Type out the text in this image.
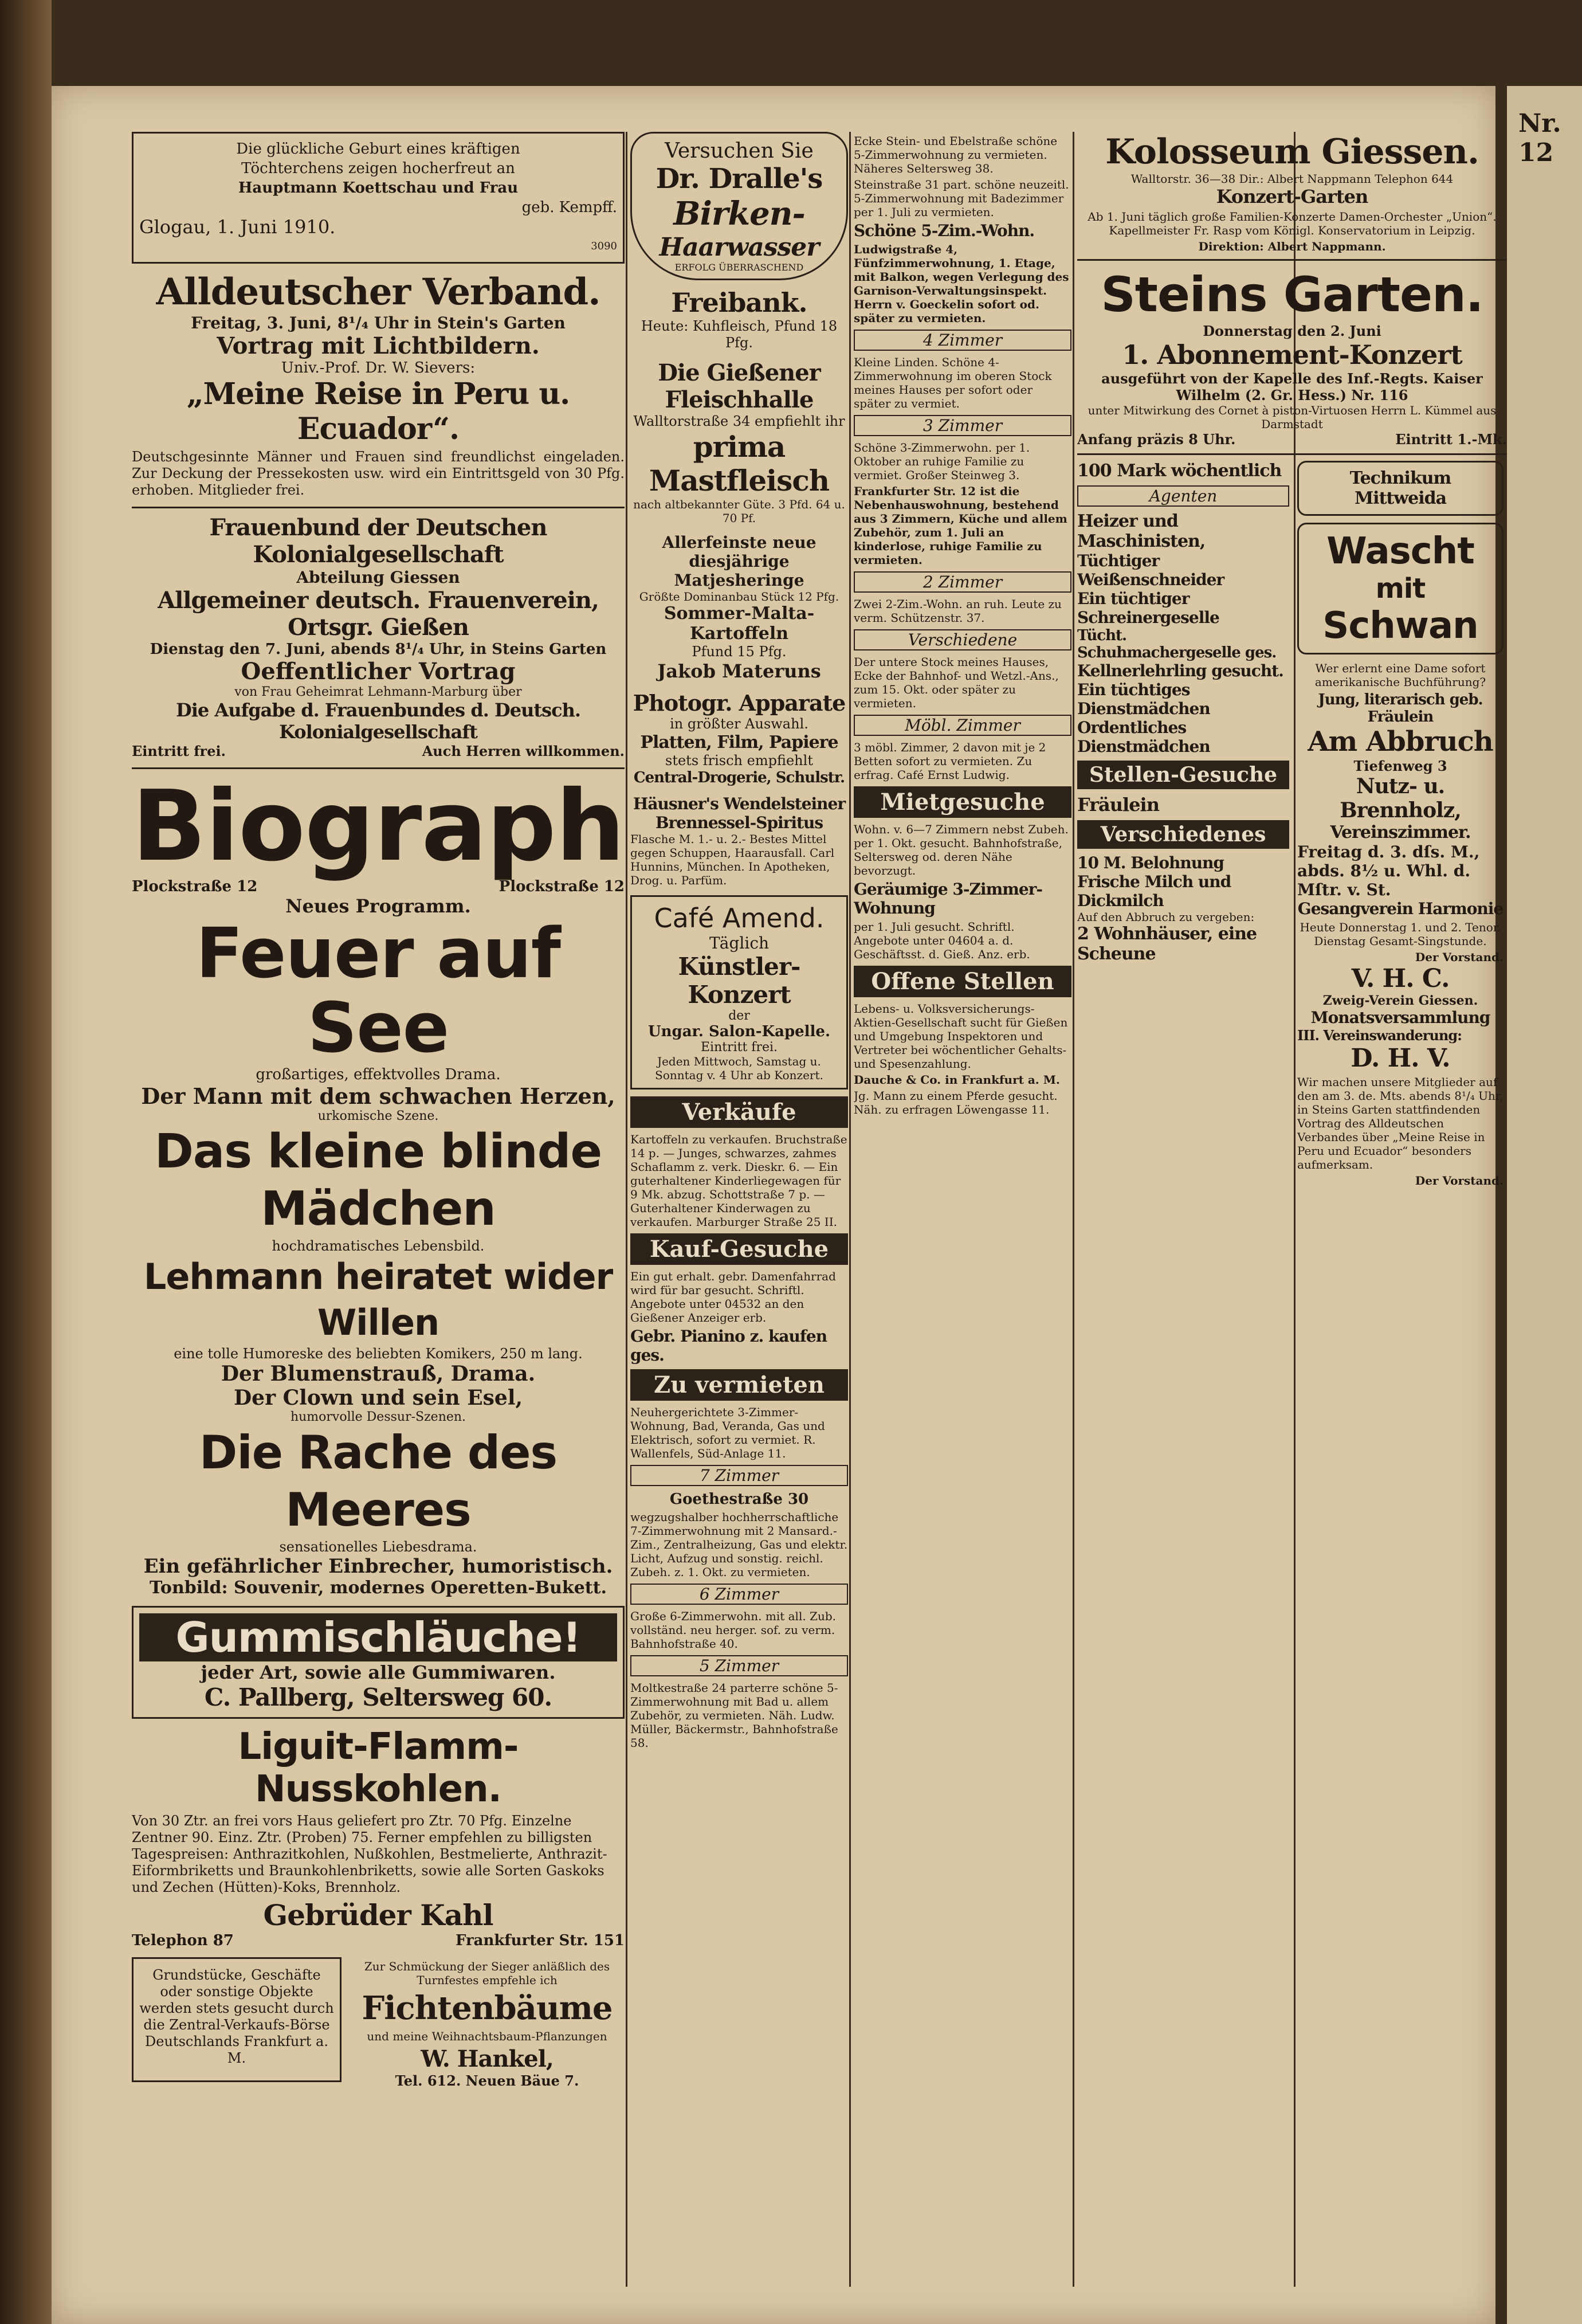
Nr. 12
Die glückliche Geburt eines kräftigen
Töchterchens zeigen hocherfreut an
Hauptmann Koettschau und Frau
geb. Kempff.
Glogau, 1. Juni 1910.
3090
Alldeutscher Verband.
Freitag, 3. Juni, 8¹/₄ Uhr in Stein's Garten
Vortrag mit Lichtbildern.
Univ.-Prof. Dr. W. Sievers:
„Meine Reise in Peru u. Ecuador“.

Deutschgesinnte Männer und Frauen sind freundlichst eingeladen. Zur Deckung der Pressekosten usw. wird ein Eintrittsgeld von 30 Pfg. erhoben. Mitglieder frei.

Frauenbund der Deutschen Kolonialgesellschaft
Abteilung Giessen
Allgemeiner deutsch. Frauenverein, Ortsgr. Gießen
Dienstag den 7. Juni, abends 8¹/₄ Uhr, in Steins Garten
Oeffentlicher Vortrag
von Frau Geheimrat Lehmann-Marburg über
Die Aufgabe d. Frauenbundes d. Deutsch. Kolonialgesellschaft
Eintritt frei.	Auch Herren willkommen.
Biograph
Plockstraße 12	Plockstraße 12
Neues Programm.
Feuer auf See
großartiges, effektvolles Drama.
Der Mann mit dem schwachen Herzen,
urkomische Szene.
Das kleine blinde Mädchen
hochdramatisches Lebensbild.
Lehmann heiratet wider Willen
eine tolle Humoreske des beliebten Komikers, 250 m lang.
Der Blumenstrauß, Drama.
Der Clown und sein Esel,
humorvolle Dessur-Szenen.
Die Rache des Meeres
sensationelles Liebesdrama.
Ein gefährlicher Einbrecher, humoristisch.
Tonbild: Souvenir, modernes Operetten-Bukett.
Gummischläuche!
jeder Art, sowie alle Gummiwaren.
C. Pallberg, Seltersweg 60.
Liguit-Flamm-Nusskohlen.

Von 30 Ztr. an frei vors Haus geliefert pro Ztr. 70 Pfg. Einzelne Zentner 90. Einz. Ztr. (Proben) 75. Ferner empfehlen zu billigsten Tagespreisen: Anthrazitkohlen, Nußkohlen, Bestmelierte, Anthrazit-Eiformbriketts und Braunkohlenbriketts, sowie alle Sorten Gaskoks und Zechen (Hütten)-Koks, Brennholz.

Gebrüder Kahl
Telephon 87	Frankfurter Str. 151

Grundstücke, Geschäfte oder sonstige Objekte werden stets gesucht durch die Zentral-Verkaufs-Börse Deutschlands Frankfurt a. M.

Zur Schmückung der Sieger anläßlich des Turnfestes empfehle ich

Fichtenbäume

und meine Weihnachtsbaum-Pflanzungen

W. Hankel,
Tel. 612. Neuen Bäue 7.
Versuchen Sie
Dr. Dralle's
Birken-
Haarwasser
ERFOLG ÜBERRASCHEND
Freibank.
Heute: Kuhfleisch, Pfund 18 Pfg.
Die Gießener Fleischhalle
Walltorstraße 34 empfiehlt ihr
prima Mastfleisch
nach altbekannter Güte. 3 Pfd. 64 u. 70 Pf.
Allerfeinste neue diesjährige Matjesheringe
Größte Dominanbau Stück 12 Pfg.
Sommer-Malta-Kartoffeln
Pfund 15 Pfg.
Jakob Materuns
Photogr. Apparate
in größter Auswahl.
Platten, Film, Papiere
stets frisch empfiehlt
Central-Drogerie, Schulstr.
Häusner's Wendelsteiner Brennessel-Spiritus
Flasche M. 1.- u. 2.- Bestes Mittel gegen Schuppen, Haarausfall. Carl Hunnins, München. In Apotheken, Drog. u. Parfüm.
Café Amend.
Täglich
Künstler-Konzert
der
Ungar. Salon-Kapelle.
Eintritt frei.
Jeden Mittwoch, Samstag u. Sonntag v. 4 Uhr ab Konzert.
Verkäufe

Kartoffeln zu verkaufen. Bruchstraße 14 p. — Junges, schwarzes, zahmes Schaflamm z. verk. Dieskr. 6. — Ein guterhaltener Kinderliegewagen für 9 Mk. abzug. Schottstraße 7 p. — Guterhaltener Kinderwagen zu verkaufen. Marburger Straße 25 II.

Kauf-Gesuche

Ein gut erhalt. gebr. Damenfahrrad wird für bar gesucht. Schriftl. Angebote unter 04532 an den Gießener Anzeiger erb.

Gebr. Pianino z. kaufen ges.
Zu vermieten

Neuhergerichtete 3-Zimmer-Wohnung, Bad, Veranda, Gas und Elektrisch, sofort zu vermiet. R. Wallenfels, Süd-Anlage 11.

7 Zimmer
Goethestraße 30

wegzugshalber hochherrschaftliche 7-Zimmerwohnung mit 2 Mansard.-Zim., Zentralheizung, Gas und elektr. Licht, Aufzug und sonstig. reichl. Zubeh. z. 1. Okt. zu vermieten.

6 Zimmer

Große 6-Zimmerwohn. mit all. Zub. vollständ. neu herger. sof. zu verm. Bahnhofstraße 40.

5 Zimmer

Moltkestraße 24 parterre schöne 5-Zimmerwohnung mit Bad u. allem Zubehör, zu vermieten. Näh. Ludw. Müller, Bäckermstr., Bahnhofstraße 58.

Ecke Stein- und Ebelstraße schöne 5-Zimmerwohnung zu vermieten. Näheres Seltersweg 38.

Steinstraße 31 part. schöne neuzeitl. 5-Zimmerwohnung mit Badezimmer per 1. Juli zu vermieten.

Schöne 5-Zim.-Wohn.

Ludwigstraße 4, Fünfzimmerwohnung, 1. Etage, mit Balkon, wegen Verlegung des Garnison-Verwaltungsinspekt. Herrn v. Goeckelin sofort od. später zu vermieten.

4 Zimmer

Kleine Linden. Schöne 4-Zimmerwohnung im oberen Stock meines Hauses per sofort oder später zu vermiet.

3 Zimmer

Schöne 3-Zimmerwohn. per 1. Oktober an ruhige Familie zu vermiet. Großer Steinweg 3.

Frankfurter Str. 12 ist die Nebenhauswohnung, bestehend aus 3 Zimmern, Küche und allem Zubehör, zum 1. Juli an kinderlose, ruhige Familie zu vermieten.

2 Zimmer

Zwei 2-Zim.-Wohn. an ruh. Leute zu verm. Schützenstr. 37.

Verschiedene

Der untere Stock meines Hauses, Ecke der Bahnhof- und Wetzl.-Ans., zum 15. Okt. oder später zu vermieten.

Möbl. Zimmer

3 möbl. Zimmer, 2 davon mit je 2 Betten sofort zu vermieten. Zu erfrag. Café Ernst Ludwig.

Mietgesuche

Wohn. v. 6—7 Zimmern nebst Zubeh. per 1. Okt. gesucht. Bahnhofstraße, Seltersweg od. deren Nähe bevorzugt.

Geräumige 3-Zimmer-Wohnung

per 1. Juli gesucht. Schriftl. Angebote unter 04604 a. d. Geschäftsst. d. Gieß. Anz. erb.

Offene Stellen

Lebens- u. Volksversicherungs-Aktien-Gesellschaft sucht für Gießen und Umgebung Inspektoren und Vertreter bei wöchentlicher Gehalts- und Spesenzahlung.

Dauche & Co. in Frankfurt a. M.

Jg. Mann zu einem Pferde gesucht. Näh. zu erfragen Löwengasse 11.

Kolosseum Giessen.
Walltorstr. 36—38 Dir.: Albert Nappmann Telephon 644
Konzert-Garten

Ab 1. Juni täglich große Familien-Konzerte Damen-Orchester „Union“. Kapellmeister Fr. Rasp vom Königl. Konservatorium in Leipzig.

Direktion: Albert Nappmann.
Steins Garten.
Donnerstag den 2. Juni
1. Abonnement-Konzert
ausgeführt von der Kapelle des Inf.-Regts. Kaiser Wilhelm (2. Gr. Hess.) Nr. 116
unter Mitwirkung des Cornet à piston-Virtuosen Herrn L. Kümmel aus Darmstadt
Anfang präzis 8 Uhr.	Eintritt 1.-Mk.
100 Mark wöchentlich
Agenten
Heizer und Maschinisten,
Tüchtiger Weißenschneider
Ein tüchtiger Schreinergeselle
Tücht. Schuhmachergeselle ges.
Kellnerlehrling gesucht.
Ein tüchtiges Dienstmädchen
Ordentliches Dienstmädchen
Stellen-Gesuche
Fräulein
Verschiedenes
10 M. Belohnung
Frische Milch und Dickmilch
Auf den Abbruch zu vergeben:
2 Wohnhäuser, eine Scheune
Technikum Mittweida
Wascht
mit
Schwan

Wer erlernt eine Dame sofort amerikanische Buchführung?

Jung, literarisch geb. Fräulein
Am Abbruch
Tiefenweg 3
Nutz- u. Brennholz,
Vereinszimmer.
Freitag d. 3. dſs. M., abds. 8½ u. Whl. d. Mſtr. v. St.
Gesangverein Harmonie

Heute Donnerstag 1. und 2. Tenor. Dienstag Gesamt-Singstunde.

Der Vorstand.
V. H. C.
Zweig-Verein Giessen.
Monatsversammlung
III. Vereinswanderung:
D. H. V.

Wir machen unsere Mitglieder auf den am 3. de. Mts. abends 8¹/₄ Uhr, in Steins Garten stattfindenden Vortrag des Alldeutschen Verbandes über „Meine Reise in Peru und Ecuador“ besonders aufmerksam.

Der Vorstand.
